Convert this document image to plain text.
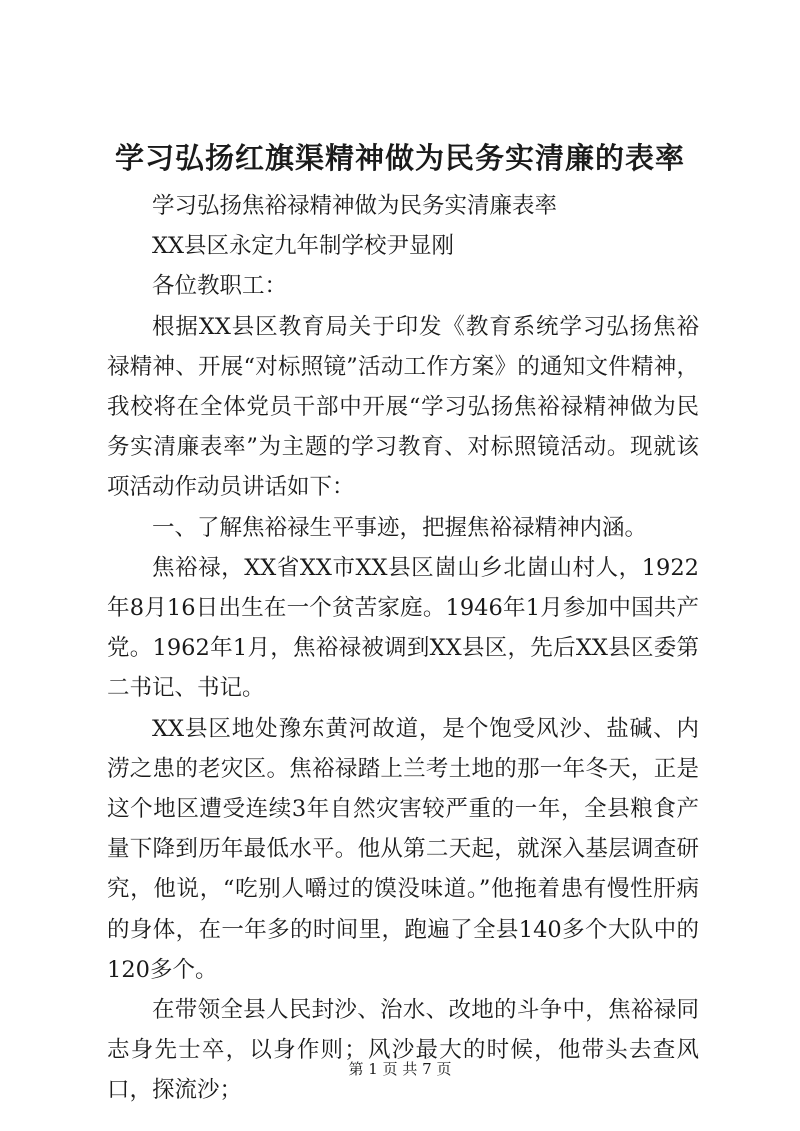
学习弘扬红旗渠精神做为民务实清廉的表率

学习弘扬焦裕禄精神做为民务实清廉表率

XX县区永定九年制学校尹显刚

各位教职工：

根据XX县区教育局关于印发《教育系统学习弘扬焦裕禄精神、开展“对标照镜”活动工作方案》的通知文件精神，我校将在全体党员干部中开展“学习弘扬焦裕禄精神做为民务实清廉表率”为主题的学习教育、对标照镜活动。现就该项活动作动员讲话如下：

一、了解焦裕禄生平事迹，把握焦裕禄精神内涵。

焦裕禄，XX省XX市XX县区崮山乡北崮山村人，1922年8月16日出生在一个贫苦家庭。1946年1月参加中国共产党。1962年1月，焦裕禄被调到XX县区，先后XX县区委第二书记、书记。

XX县区地处豫东黄河故道，是个饱受风沙、盐碱、内涝之患的老灾区。焦裕禄踏上兰考土地的那一年冬天，正是这个地区遭受连续3年自然灾害较严重的一年，全县粮食产量下降到历年最低水平。他从第二天起，就深入基层调查研究，他说，“吃别人嚼过的馍没味道。”他拖着患有慢性肝病的身体，在一年多的时间里，跑遍了全县140多个大队中的120多个。

在带领全县人民封沙、治水、改地的斗争中，焦裕禄同志身先士卒，以身作则；风沙最大的时候，他带头去查风口，探流沙；

第 1 页 共 7 页
